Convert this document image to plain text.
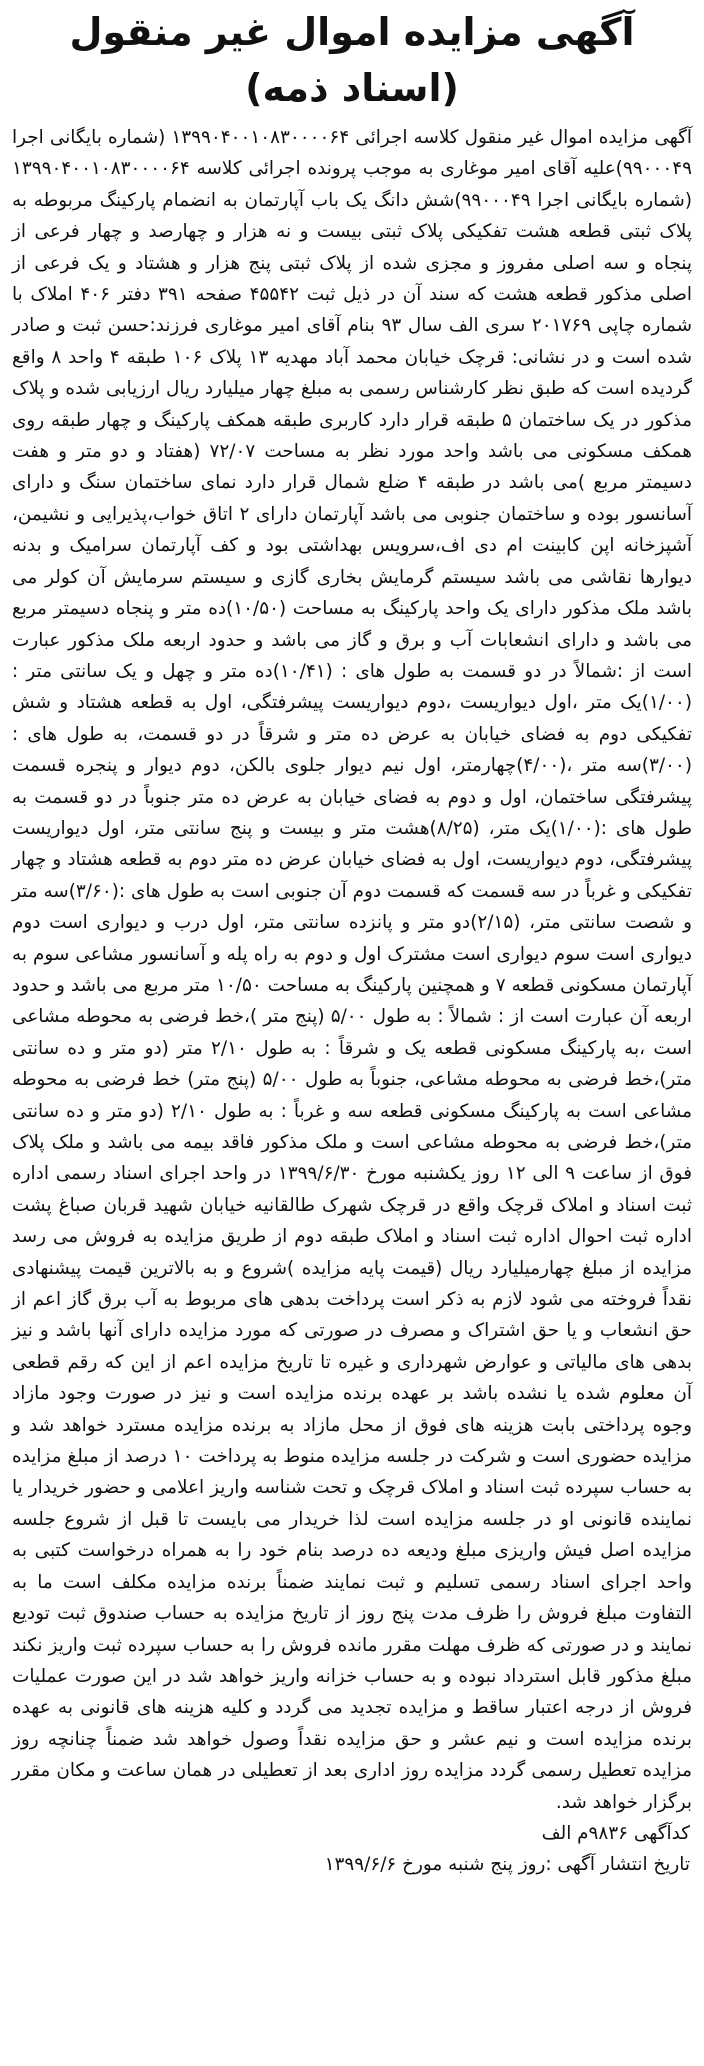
آگهی مزایده اموال غیر منقول (اسناد ذمه)

آگهی مزایده اموال غیر منقول کلاسه اجرائی ۱۳۹۹۰۴۰۰۱۰۸۳۰۰۰۰۶۴ (شماره بایگانی اجرا ۹۹۰۰۰۴۹)علیه آقای امیر موغاری به موجب پرونده اجرائی کلاسه ۱۳۹۹۰۴۰۰۱۰۸۳۰۰۰۰۶۴ (شماره بایگانی اجرا ۹۹۰۰۰۴۹)شش دانگ یک باب آپارتمان به انضمام پارکینگ مربوطه به پلاک ثبتی قطعه هشت تفکیکی پلاک ثبتی بیست و نه هزار و چهارصد و چهار فرعی از پنجاه و سه اصلی مفروز و مجزی شده از پلاک ثبتی پنج هزار و هشتاد و یک فرعی از اصلی مذکور قطعه هشت که سند آن در ذیل ثبت ۴۵۵۴۲ صفحه ۳۹۱ دفتر ۴۰۶ املاک با شماره چاپی ۲۰۱۷۶۹ سری الف سال ۹۳ بنام آقای امیر موغاری فرزند:حسن ثبت و صادر شده است و در نشانی: قرچک خیابان محمد آباد مهدیه ۱۳ پلاک ۱۰۶ طبقه ۴ واحد ۸ واقع گردیده است که طبق نظر کارشناس رسمی به مبلغ چهار میلیارد ریال ارزیابی شده و پلاک مذکور در یک ساختمان ۵ طبقه قرار دارد کاربری طبقه همکف پارکینگ و چهار طبقه روی همکف مسکونی می باشد واحد مورد نظر به مساحت ۷۲/۰۷ (هفتاد و دو متر و هفت دسیمتر مربع )می باشد در طبقه ۴ ضلع شمال قرار دارد نمای ساختمان سنگ و دارای آسانسور بوده و ساختمان جنوبی می باشد آپارتمان دارای ۲ اتاق خواب،پذیرایی و نشیمن، آشپزخانه اپن کابینت ام دی اف،سرویس بهداشتی بود و کف آپارتمان سرامیک و بدنه دیوارها نقاشی می باشد سیستم گرمایش بخاری گازی و سیستم سرمایش آن کولر می باشد ملک مذکور دارای یک واحد پارکینگ به مساحت (۱۰/۵۰)ده متر و پنجاه دسیمتر مربع می باشد و دارای انشعابات آب و برق و گاز می باشد و حدود اربعه ملک مذکور عبارت است از :شمالاً در دو قسمت به طول های : (۱۰/۴۱)ده متر و چهل و یک سانتی متر :(۱/۰۰)یک متر ،اول دیواریست ،دوم دیواریست پیشرفتگی، اول به قطعه هشتاد و شش تفکیکی دوم به فضای خیابان به عرض ده متر و شرقاً در دو قسمت، به طول های :(۳/۰۰)سه متر ،(۴/۰۰)چهارمتر، اول نیم دیوار جلوی بالکن، دوم دیوار و پنجره قسمت پیشرفتگی ساختمان، اول و دوم به فضای خیابان به عرض ده متر جنوباً در دو قسمت به طول های :(۱/۰۰)یک متر، (۸/۲۵)هشت متر و بیست و پنج سانتی متر، اول دیواریست پیشرفتگی، دوم دیواریست، اول به فضای خیابان عرض ده متر دوم به قطعه هشتاد و چهار تفکیکی و غرباً در سه قسمت که قسمت دوم آن جنوبی است به طول های :(۳/۶۰)سه متر و شصت سانتی متر، (۲/۱۵)دو متر و پانزده سانتی متر، اول درب و دیواری است دوم دیواری است سوم دیواری است مشترک اول و دوم به راه پله و آسانسور مشاعی سوم به آپارتمان مسکونی قطعه ۷ و همچنین پارکینگ به مساحت ۱۰/۵۰ متر مربع می باشد و حدود اربعه آن عبارت است از : شمالاً : به طول ۵/۰۰ (پنج متر )،خط فرضی به محوطه مشاعی است ،به پارکینگ مسکونی قطعه یک و شرقاً : به طول ۲/۱۰ متر (دو متر و ده سانتی متر)،خط فرضی به محوطه مشاعی، جنوباً به طول ۵/۰۰ (پنج متر) خط فرضی به محوطه مشاعی است به پارکینگ مسکونی قطعه سه و غرباً : به طول ۲/۱۰ (دو متر و ده سانتی متر)،خط فرضی به محوطه مشاعی است و ملک مذکور فاقد بیمه می باشد و ملک پلاک فوق از ساعت ۹ الی ۱۲ روز یکشنبه مورخ ۱۳۹۹/۶/۳۰ در واحد اجرای اسناد رسمی اداره ثبت اسناد و املاک قرچک واقع در قرچک شهرک طالقانیه خیابان شهید قربان صباغ پشت اداره ثبت احوال اداره ثبت اسناد و املاک طبقه دوم از طریق مزایده به فروش می رسد مزایده از مبلغ چهارمیلیارد ریال (قیمت پایه مزایده )شروع و به بالاترین قیمت پیشنهادی نقداً فروخته می شود لازم به ذکر است پرداخت بدهی های مربوط به آب برق گاز اعم از حق انشعاب و یا حق اشتراک و مصرف در صورتی که مورد مزایده دارای آنها باشد و نیز بدهی های مالیاتی و عوارض شهرداری و غیره تا تاریخ مزایده اعم از این که رقم قطعی آن معلوم شده یا نشده باشد بر عهده برنده مزایده است و نیز در صورت وجود مازاد وجوه پرداختی بابت هزینه های فوق از محل مازاد به برنده مزایده مسترد خواهد شد و مزایده حضوری است و شرکت در جلسه مزایده منوط به پرداخت ۱۰ درصد از مبلغ مزایده به حساب سپرده ثبت اسناد و املاک قرچک و تحت شناسه واریز اعلامی و حضور خریدار یا نماینده قانونی او در جلسه مزایده است لذا خریدار می بایست تا قبل از شروع جلسه مزایده اصل فیش واریزی مبلغ ودیعه ده درصد بنام خود را به همراه درخواست کتبی به واحد اجرای اسناد رسمی تسلیم و ثبت نمایند ضمناً برنده مزایده مکلف است ما به التفاوت مبلغ فروش را ظرف مدت پنج روز از تاریخ مزایده به حساب صندوق ثبت تودیع نمایند و در صورتی که ظرف مهلت مقرر مانده فروش را به حساب سپرده ثبت واریز نکند مبلغ مذکور قابل استرداد نبوده و به حساب خزانه واریز خواهد شد در این صورت عملیات فروش از درجه اعتبار ساقط و مزایده تجدید می گردد و کلیه هزینه های قانونی به عهده برنده مزایده است و نیم عشر و حق مزایده نقداً وصول خواهد شد ضمناً چنانچه روز مزایده تعطیل رسمی گردد مزایده روز اداری بعد از تعطیلی در همان ساعت و مکان مقرر برگزار خواهد شد.

کدآگهی ۹۸۳۶م الف

تاریخ انتشار آگهی :روز پنج شنبه مورخ ۱۳۹۹/۶/۶
